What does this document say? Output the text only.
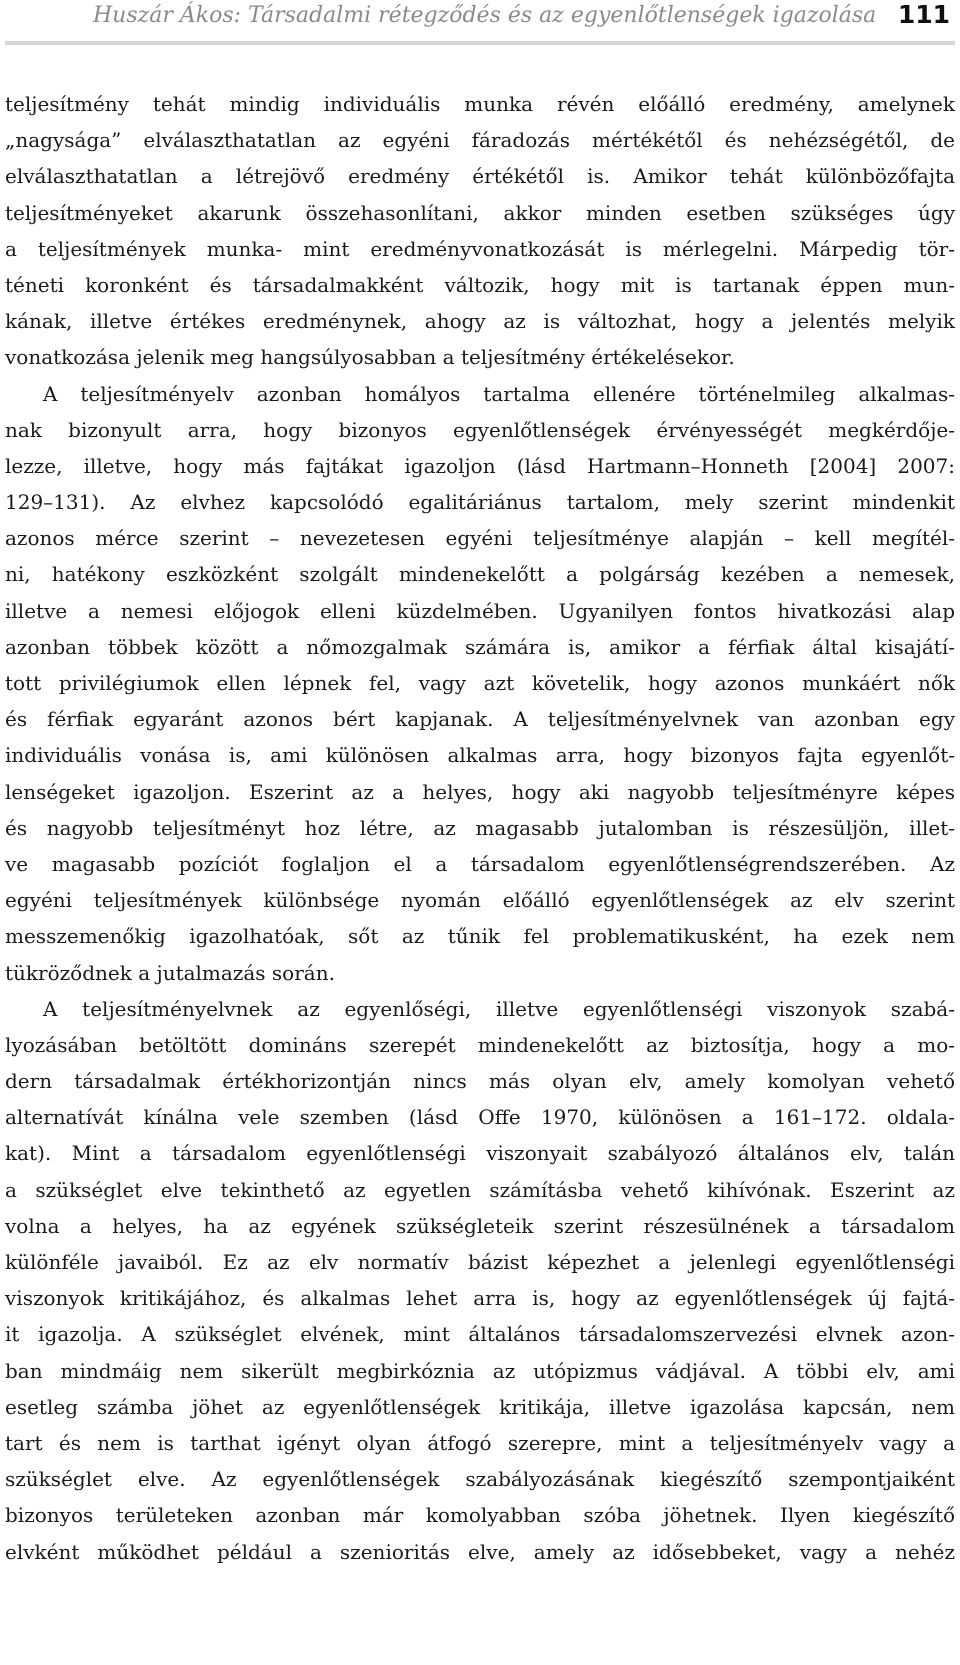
Huszár Ákos: Társadalmi rétegződés és az egyenlőtlenségek igazolása 111
teljesítmény tehát mindig individuális munka révén előálló eredmény, amelynek
„nagysága” elválaszthatatlan az egyéni fáradozás mértékétől és nehézségétől, de
elválaszthatatlan a létrejövő eredmény értékétől is. Amikor tehát különbözőfajta
teljesítményeket akarunk összehasonlítani, akkor minden esetben szükséges úgy
a teljesítmények munka- mint eredményvonatkozását is mérlegelni. Márpedig tör-
téneti koronként és társadalmakként változik, hogy mit is tartanak éppen mun-
kának, illetve értékes eredménynek, ahogy az is változhat, hogy a jelentés melyik
vonatkozása jelenik meg hangsúlyosabban a teljesítmény értékelésekor.
A teljesítményelv azonban homályos tartalma ellenére történelmileg alkalmas-
nak bizonyult arra, hogy bizonyos egyenlőtlenségek érvényességét megkérdője-
lezze, illetve, hogy más fajtákat igazoljon (lásd Hartmann–Honneth [2004] 2007:
129–131). Az elvhez kapcsolódó egalitáriánus tartalom, mely szerint mindenkit
azonos mérce szerint – nevezetesen egyéni teljesítménye alapján – kell megítél-
ni, hatékony eszközként szolgált mindenekelőtt a polgárság kezében a nemesek,
illetve a nemesi előjogok elleni küzdelmében. Ugyanilyen fontos hivatkozási alap
azonban többek között a nőmozgalmak számára is, amikor a férfiak által kisajátí-
tott privilégiumok ellen lépnek fel, vagy azt követelik, hogy azonos munkáért nők
és férfiak egyaránt azonos bért kapjanak. A teljesítményelvnek van azonban egy
individuális vonása is, ami különösen alkalmas arra, hogy bizonyos fajta egyenlőt-
lenségeket igazoljon. Eszerint az a helyes, hogy aki nagyobb teljesítményre képes
és nagyobb teljesítményt hoz létre, az magasabb jutalomban is részesüljön, illet-
ve magasabb pozíciót foglaljon el a társadalom egyenlőtlenségrendszerében. Az
egyéni teljesítmények különbsége nyomán előálló egyenlőtlenségek az elv szerint
messzemenőkig igazolhatóak, sőt az tűnik fel problematikusként, ha ezek nem
tükröződnek a jutalmazás során.
A teljesítményelvnek az egyenlőségi, illetve egyenlőtlenségi viszonyok szabá-
lyozásában betöltött domináns szerepét mindenekelőtt az biztosítja, hogy a mo-
dern társadalmak értékhorizontján nincs más olyan elv, amely komolyan vehető
alternatívát kínálna vele szemben (lásd Offe 1970, különösen a 161–172. oldala-
kat). Mint a társadalom egyenlőtlenségi viszonyait szabályozó általános elv, talán
a szükséglet elve tekinthető az egyetlen számításba vehető kihívónak. Eszerint az
volna a helyes, ha az egyének szükségleteik szerint részesülnének a társadalom
különféle javaiból. Ez az elv normatív bázist képezhet a jelenlegi egyenlőtlenségi
viszonyok kritikájához, és alkalmas lehet arra is, hogy az egyenlőtlenségek új fajtá-
it igazolja. A szükséglet elvének, mint általános társadalomszervezési elvnek azon-
ban mindmáig nem sikerült megbirkóznia az utópizmus vádjával. A többi elv, ami
esetleg számba jöhet az egyenlőtlenségek kritikája, illetve igazolása kapcsán, nem
tart és nem is tarthat igényt olyan átfogó szerepre, mint a teljesítményelv vagy a
szükséglet elve. Az egyenlőtlenségek szabályozásának kiegészítő szempontjaiként
bizonyos területeken azonban már komolyabban szóba jöhetnek. Ilyen kiegészítő
elvként működhet például a szenioritás elve, amely az idősebbeket, vagy a nehéz
